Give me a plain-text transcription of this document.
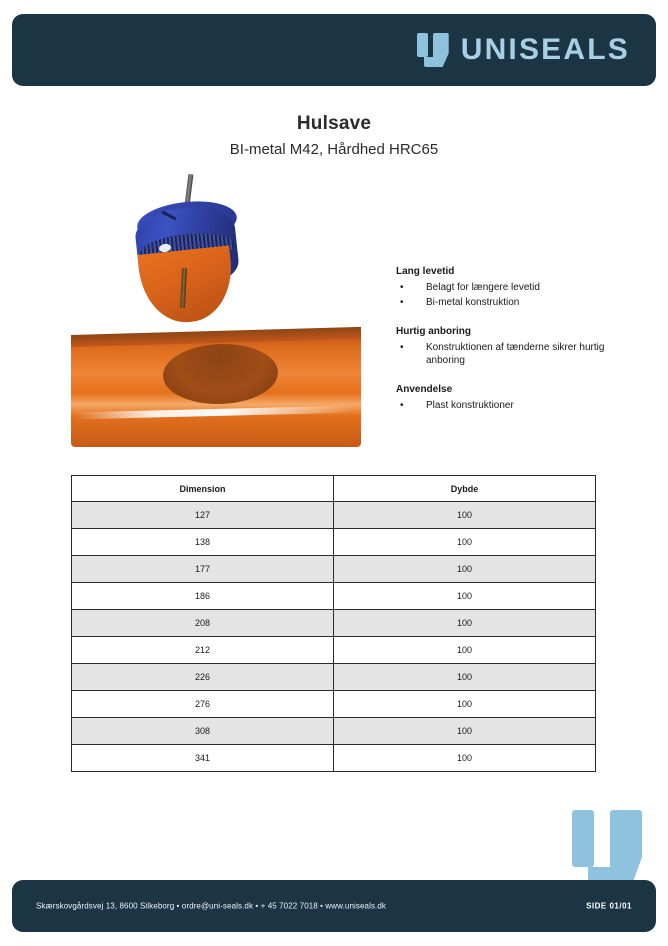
UNISEALS
Hulsave

BI-metal M42, Hårdhed HRC65

Lang levetid
• Belagt for længere levetid
• Bi-metal konstruktion
Hurtig anboring
• Konstruktionen af tænderne sikrer hurtig anboring
Anvendelse
• Plast konstruktioner
Dimension	Dybde
127	100
138	100
177	100
186	100
208	100
212	100
226	100
276	100
308	100
341	100
Skærskovgårdsvej 13, 8600 Silkeborg • ordre@uni-seals.dk • + 45 7022 7018 • www.uniseals.dk	SIDE 01/01
